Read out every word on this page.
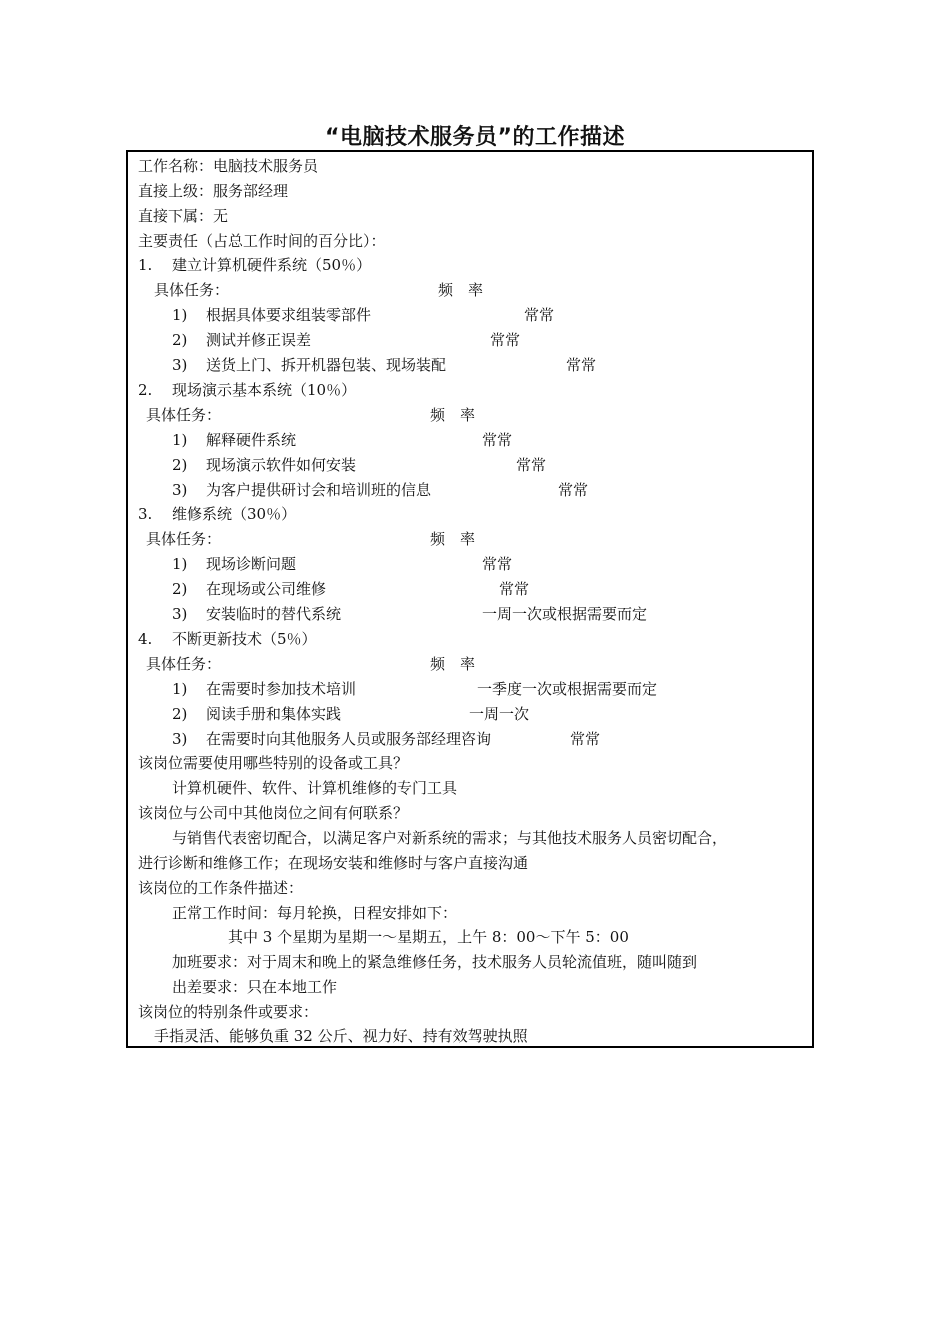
“电脑技术服务员”的工作描述
工作名称：电脑技术服务员
直接上级：服务部经理
直接下属：无
主要责任（占总工作时间的百分比）：
1. 建立计算机硬件系统（50％）
具体任务：	频　率
1) 根据具体要求组装零部件	常常
2) 测试并修正误差	常常
3) 送货上门、拆开机器包装、现场装配	常常
2. 现场演示基本系统（10％）
具体任务：	频　率
1) 解释硬件系统	常常
2) 现场演示软件如何安装	常常
3) 为客户提供研讨会和培训班的信息	常常
3. 维修系统（30％）
具体任务：	频　率
1) 现场诊断问题	常常
2) 在现场或公司维修	常常
3) 安装临时的替代系统	一周一次或根据需要而定
4. 不断更新技术（5％）
具体任务：	频　率
1) 在需要时参加技术培训	一季度一次或根据需要而定
2) 阅读手册和集体实践	一周一次
3) 在需要时向其他服务人员或服务部经理咨询	常常
该岗位需要使用哪些特别的设备或工具？
计算机硬件、软件、计算机维修的专门工具
该岗位与公司中其他岗位之间有何联系？
与销售代表密切配合，以满足客户对新系统的需求；与其他技术服务人员密切配合，
进行诊断和维修工作；在现场安装和维修时与客户直接沟通
该岗位的工作条件描述：
正常工作时间：每月轮换，日程安排如下：
其中 3 个星期为星期一～星期五，上午 8：00～下午 5：00
加班要求：对于周末和晚上的紧急维修任务，技术服务人员轮流值班，随叫随到
出差要求：只在本地工作
该岗位的特别条件或要求：
手指灵活、能够负重 32 公斤、视力好、持有效驾驶执照
